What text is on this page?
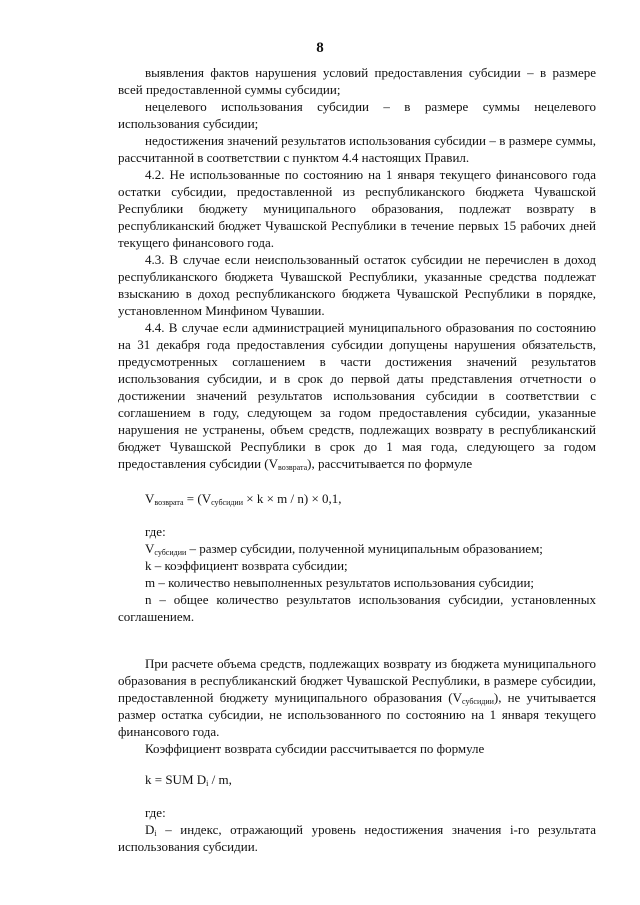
8

выявления фактов нарушения условий предоставления субсидии – в размере всей предоставленной суммы субсидии;

нецелевого использования субсидии – в размере суммы нецелевого использования субсидии;

недостижения значений результатов использования субсидии – в размере суммы, рассчитанной в соответствии с пунктом 4.4 настоящих Правил.

4.2. Не использованные по состоянию на 1 января текущего финансового года остатки субсидии, предоставленной из республиканского бюджета Чувашской Республики бюджету муниципального образования, подлежат возврату в республиканский бюджет Чувашской Республики в течение первых 15 рабочих дней текущего финансового года.

4.3. В случае если неиспользованный остаток субсидии не перечислен в доход республиканского бюджета Чувашской Республики, указанные средства подлежат взысканию в доход республиканского бюджета Чувашской Республики в порядке, установленном Минфином Чувашии.

4.4. В случае если администрацией муниципального образования по состоянию на 31 декабря года предоставления субсидии допущены нарушения обязательств, предусмотренных соглашением в части достижения значений результатов использования субсидии, и в срок до первой даты представления отчетности о достижении значений результатов использования субсидии в соответствии с соглашением в году, следующем за годом предоставления субсидии, указанные нарушения не устранены, объем средств, подлежащих возврату в республиканский бюджет Чувашской Республики в срок до 1 мая года, следующего за годом предоставления субсидии $(V_{возврата})$, рассчитывается по формуле

$V_{возврата} = (V_{субсидии} \times k \times m / n) \times 0,1$,

где:

$V_{субсидии}$ – размер субсидии, полученной муниципальным образованием;

k – коэффициент возврата субсидии;

m – количество невыполненных результатов использования субсидии;

n – общее количество результатов использования субсидии, установленных соглашением.

При расчете объема средств, подлежащих возврату из бюджета муниципального образования в республиканский бюджет Чувашской Республики, в размере субсидии, предоставленной бюджету муниципального образования $(V_{субсидии})$, не учитывается размер остатка субсидии, не использованного по состоянию на 1 января текущего финансового года.

Коэффициент возврата субсидии рассчитывается по формуле

k = SUM $D_i$ / m,

где:

$D_i$ – индекс, отражающий уровень недостижения значения i-го результата использования субсидии.
